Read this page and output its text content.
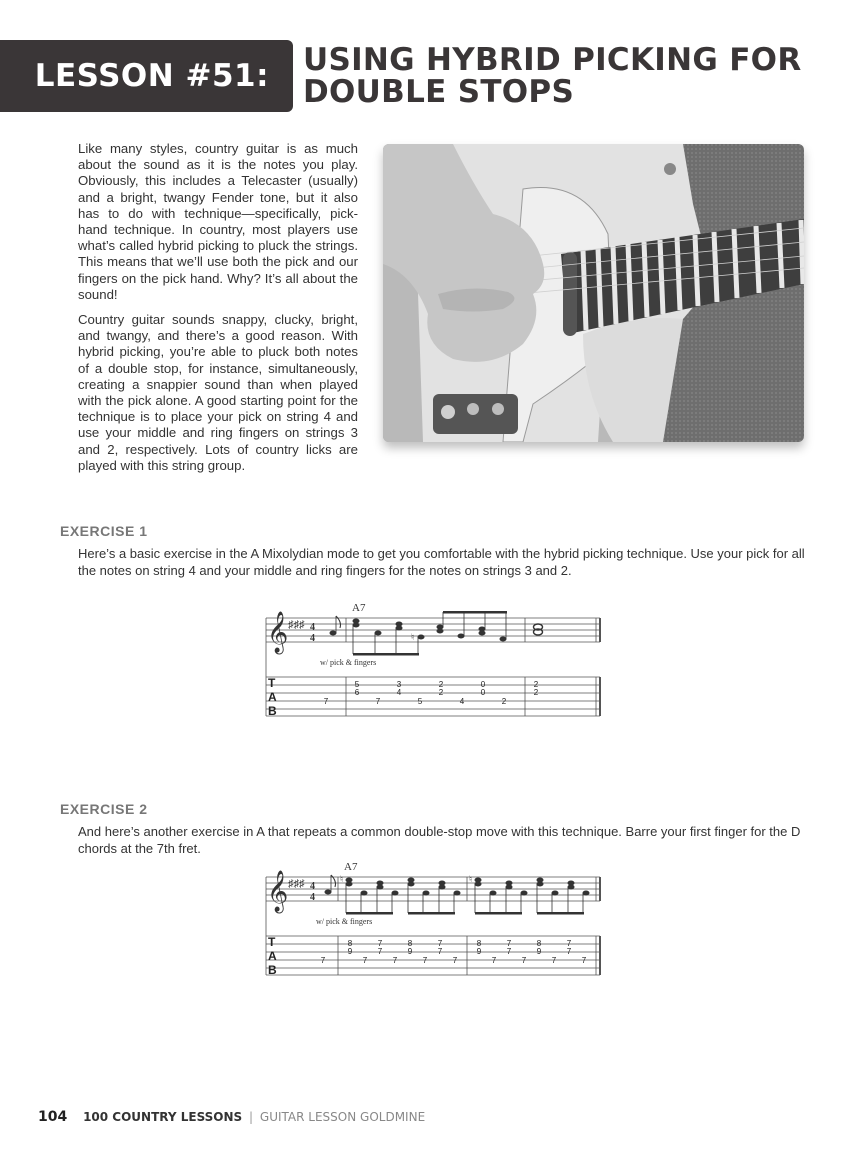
LESSON #51: USING HYBRID PICKING FOR
DOUBLE STOPS

Like many styles, country guitar is as much about the sound as it is the notes you play. Obviously, this includes a Telecaster (usually) and a bright, twangy Fender tone, but it also has to do with technique—specifically, pick-hand technique. In country, most players use what’s called hybrid picking to pluck the strings. This means that we’ll use both the pick and our fingers on the pick hand. Why? It’s all about the sound!

Country guitar sounds snappy, clucky, bright, and twangy, and there’s a good reason. With hybrid picking, you’re able to pluck both notes of a double stop, for instance, simultaneously, creating a snappier sound than when played with the pick alone. A good starting point for the technique is to place your pick on string 4 and use your middle and ring fingers on strings 3 and 2, respectively. Lots of country licks are played with this string group.

EXERCISE 1
Here’s a basic exercise in the A Mixolydian mode to get you comfortable with the hybrid picking technique. Use your pick for all the notes on string 4 and your middle and ring fingers for the notes on strings 3 and 2.
A7
𝄞 ♯♯♯ 4
4	♮
w/ pick & fingers
T
A
B
7
5
6
7
3
4
5
2
2
4
0
0
2
2
2
EXERCISE 2
And here’s another exercise in A that repeats a common double-stop move with this technique. Barre your first finger for the D chords at the 7th fret.
A7
𝄞 ♯♯♯ 4
4
♮	♮
w/ pick & fingers
T
A
B
7
8
9
7
7
7
7
8
9
7
7
7
7
8
9
7
7
7
7
8
9
7
7
7
7
104 100 COUNTRY LESSONS | GUITAR LESSON GOLDMINE
